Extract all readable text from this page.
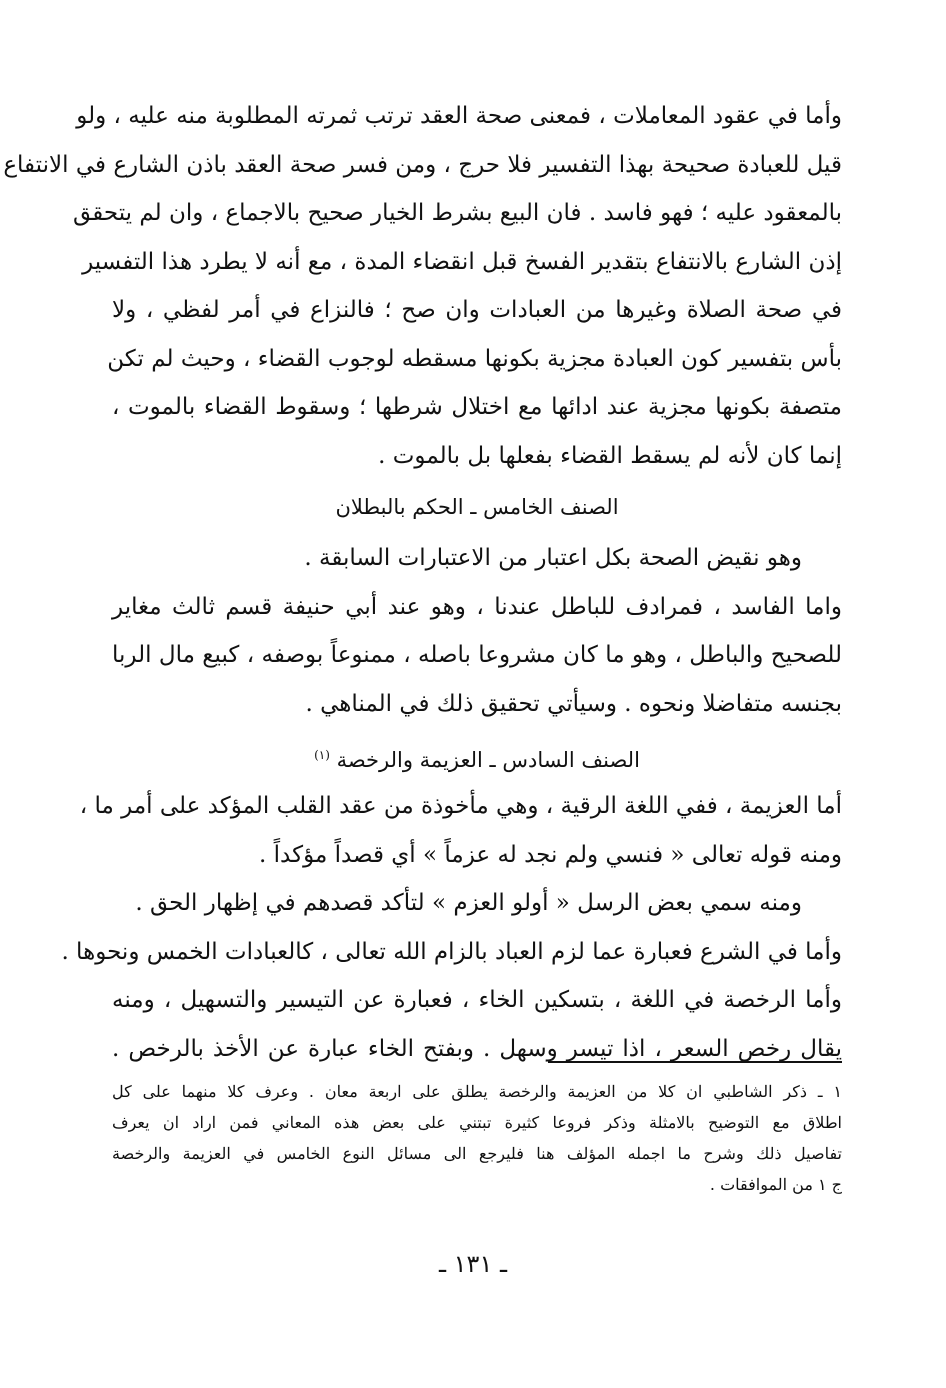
وأما في عقود المعاملات ، فمعنى صحة العقد ترتب ثمرته المطلوبة منه عليه ، ولو
قيل للعبادة صحيحة بهذا التفسير فلا حرج ، ومن فسر صحة العقد باذن الشارع في الانتفاع
بالمعقود عليه ؛ فهو فاسد . فان البيع بشرط الخيار صحيح بالاجماع ، وان لم يتحقق
إذن الشارع بالانتفاع بتقدير الفسخ قبل انقضاء المدة ، مع أنه لا يطرد هذا التفسير
في صحة الصلاة وغيرها من العبادات وان صح ؛ فالنزاع في أمر لفظي ، ولا
بأس بتفسير كون العبادة مجزية بكونها مسقطه لوجوب القضاء ، وحيث لم تكن
متصفة بكونها مجزية عند ادائها مع اختلال شرطها ؛ وسقوط القضاء بالموت ،
إنما كان لأنه لم يسقط القضاء بفعلها بل بالموت .
الصنف الخامس ـ الحكم بالبطلان
وهو نقيض الصحة بكل اعتبار من الاعتبارات السابقة .
واما الفاسد ، فمرادف للباطل عندنا ، وهو عند أبي حنيفة قسم ثالث مغاير
للصحيح والباطل ، وهو ما كان مشروعا باصله ، ممنوعاً بوصفه ، كبيع مال الربا
بجنسه متفاضلا ونحوه . وسيأتي تحقيق ذلك في المناهي .
الصنف السادس ـ العزيمة والرخصة $^{(١)}$
أما العزيمة ، ففي اللغة الرقية ، وهي مأخوذة من عقد القلب المؤكد على أمر ما ،
ومنه قوله تعالى « فنسي ولم نجد له عزماً » أي قصداً مؤكداً .
ومنه سمي بعض الرسل « أولو العزم » لتأكد قصدهم في إظهار الحق .
وأما في الشرع فعبارة عما لزم العباد بالزام الله تعالى ، كالعبادات الخمس ونحوها .
وأما الرخصة في اللغة ، بتسكين الخاء ، فعبارة عن التيسير والتسهيل ، ومنه
يقال رخص السعر ، اذا تيسر وسهل . وبفتح الخاء عبارة عن الأخذ بالرخص .
١ ـ ذكر الشاطبي ان كلا من العزيمة والرخصة يطلق على اربعة معان . وعرف كلا منهما على كل
اطلاق مع التوضيح بالامثلة وذكر فروعا كثيرة تبتني على بعض هذه المعاني فمن اراد ان يعرف
تفاصيل ذلك وشرح ما اجمله المؤلف هنا فليرجع الى مسائل النوع الخامس في العزيمة والرخصة
ج ١ من الموافقات .
ـ ١٣١ ـ
